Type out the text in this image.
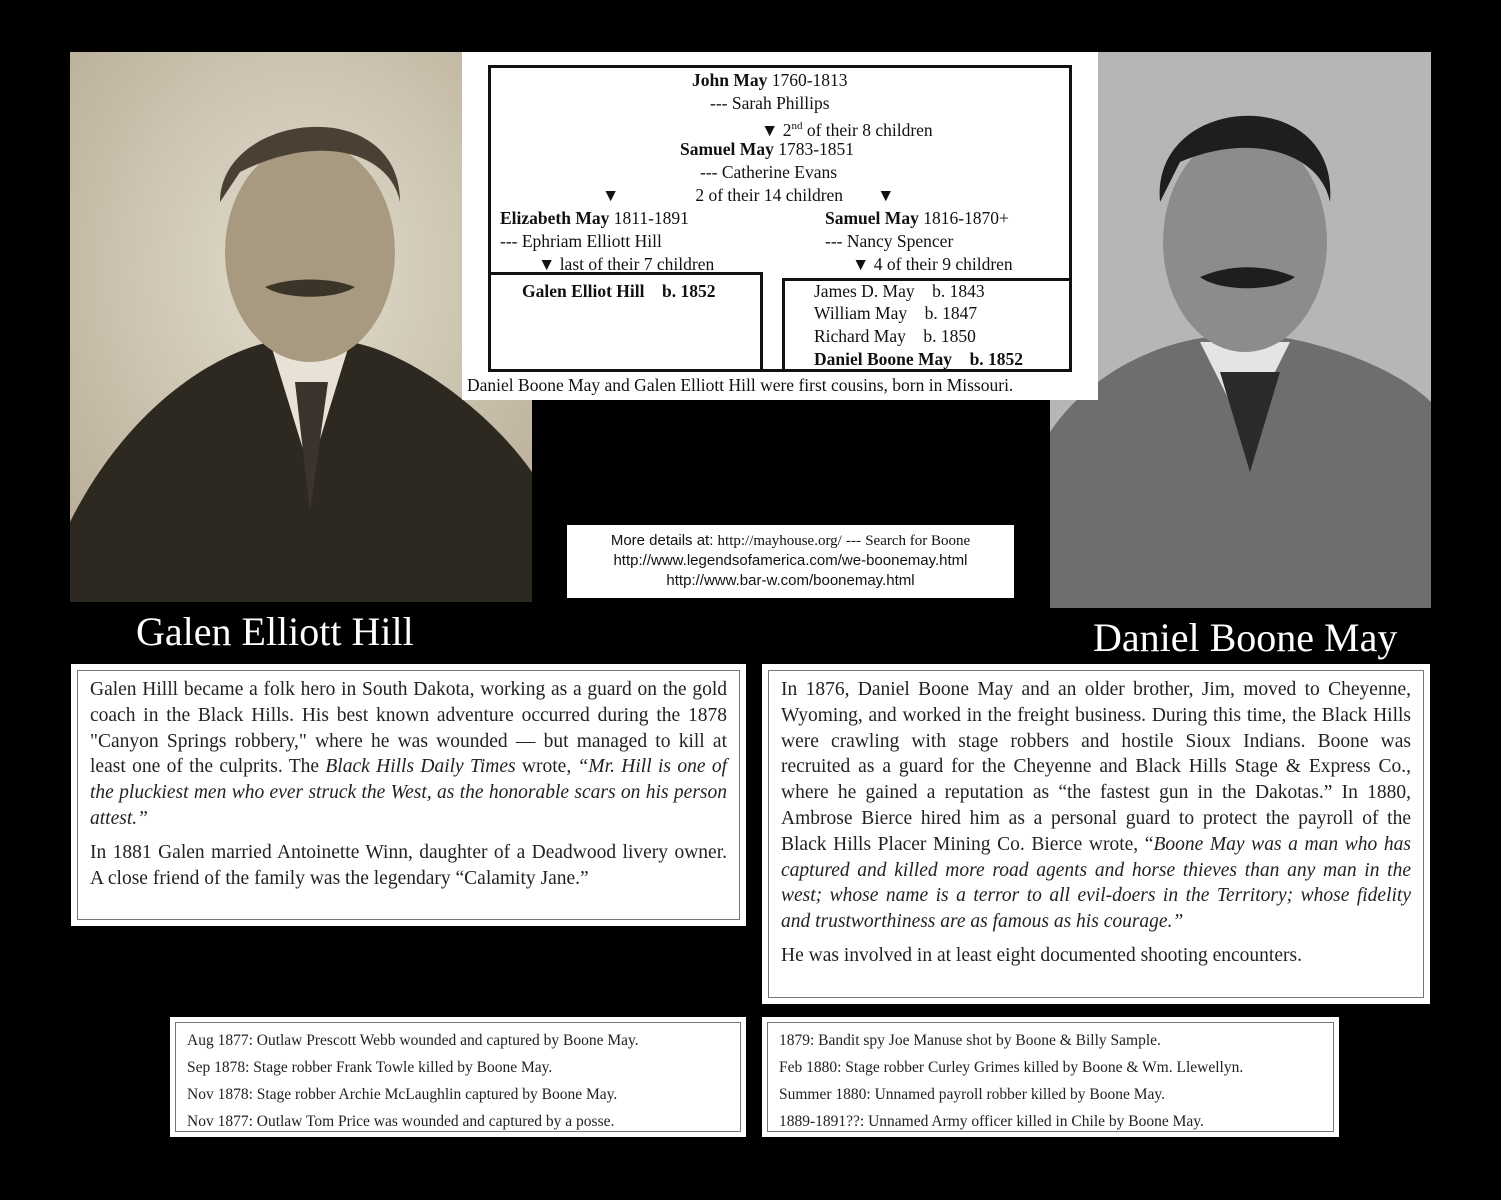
Galen Elliott Hill	Daniel Boone May
John May 1760-1813
--- Sarah Phillips
▼ 2nd of their 8 children
Samuel May 1783-1851
--- Catherine Evans
▼	2 of their 14 children ▼
Elizabeth May 1811-1891
--- Ephriam Elliott Hill
▼ last of their 7 children
Galen Elliot Hill b. 1852
Samuel May 1816-1870+
--- Nancy Spencer
▼ 4 of their 9 children
James D. May b. 1843
William May b. 1847
Richard May b. 1850
Daniel Boone May b. 1852
Daniel Boone May and Galen Elliott Hill were first cousins, born in Missouri.
More details at: http://mayhouse.org/ --- Search for Boone
http://www.legendsofamerica.com/we-boonemay.html
http://www.bar-w.com/boonemay.html

Galen Hilll became a folk hero in South Dakota, working as a guard on the gold coach in the Black Hills. His best known adventure occurred during the 1878 "Canyon Springs robbery," where he was wounded — but managed to kill at least one of the culprits. The Black Hills Daily Times wrote, “Mr. Hill is one of the pluckiest men who ever struck the West, as the honorable scars on his person attest.”

In 1881 Galen married Antoinette Winn, daughter of a Deadwood livery owner. A close friend of the family was the legendary “Calamity Jane.”

In 1876, Daniel Boone May and an older brother, Jim, moved to Cheyenne, Wyoming, and worked in the freight business. During this time, the Black Hills were crawling with stage robbers and hostile Sioux Indians. Boone was recruited as a guard for the Cheyenne and Black Hills Stage & Express Co., where he gained a reputation as “the fastest gun in the Dakotas.” In 1880, Ambrose Bierce hired him as a personal guard to protect the payroll of the Black Hills Placer Mining Co. Bierce wrote, “Boone May was a man who has captured and killed more road agents and horse thieves than any man in the west; whose name is a terror to all evil-doers in the Territory; whose fidelity and trustworthiness are as famous as his courage.”

He was involved in at least eight documented shooting encounters.

Aug 1877: Outlaw Prescott Webb wounded and captured by Boone May.
Sep 1878: Stage robber Frank Towle killed by Boone May.
Nov 1878: Stage robber Archie McLaughlin captured by Boone May.
Nov 1877: Outlaw Tom Price was wounded and captured by a posse.
1879: Bandit spy Joe Manuse shot by Boone & Billy Sample.
Feb 1880: Stage robber Curley Grimes killed by Boone & Wm. Llewellyn.
Summer 1880: Unnamed payroll robber killed by Boone May.
1889-1891??: Unnamed Army officer killed in Chile by Boone May.
